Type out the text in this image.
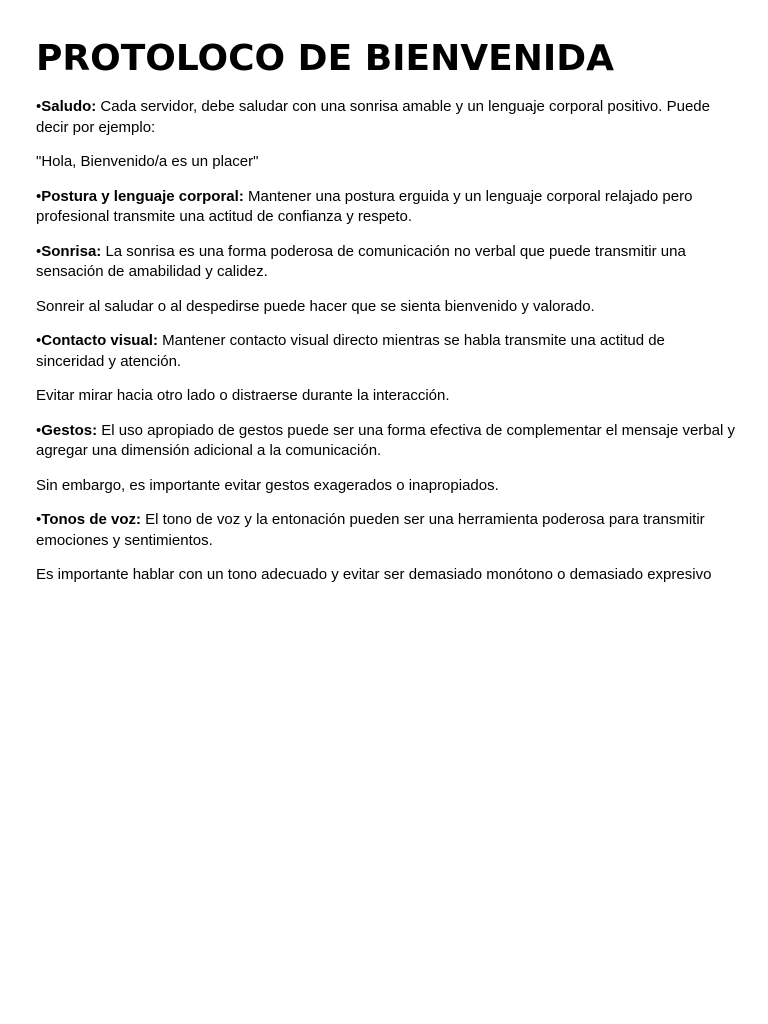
PROTOLOCO DE BIENVENIDA

•Saludo: Cada servidor, debe saludar con una sonrisa amable y un lenguaje corporal positivo. Puede decir por ejemplo:

"Hola, Bienvenido/a es un placer"

•Postura y lenguaje corporal: Mantener una postura erguida y un lenguaje corporal relajado pero profesional transmite una actitud de confianza y respeto.

•Sonrisa: La sonrisa es una forma poderosa de comunicación no verbal que puede transmitir una sensación de amabilidad y calidez.

Sonreir al saludar o al despedirse puede hacer que se sienta bienvenido y valorado.

•Contacto visual: Mantener contacto visual directo mientras se habla transmite una actitud de sinceridad y atención.

Evitar mirar hacia otro lado o distraerse durante la interacción.

•Gestos: El uso apropiado de gestos puede ser una forma efectiva de complementar el mensaje verbal y agregar una dimensión adicional a la comunicación.

Sin embargo, es importante evitar gestos exagerados o inapropiados.

•Tonos de voz: El tono de voz y la entonación pueden ser una herramienta poderosa para transmitir emociones y sentimientos.

Es importante hablar con un tono adecuado y evitar ser demasiado monótono o demasiado expresivo
